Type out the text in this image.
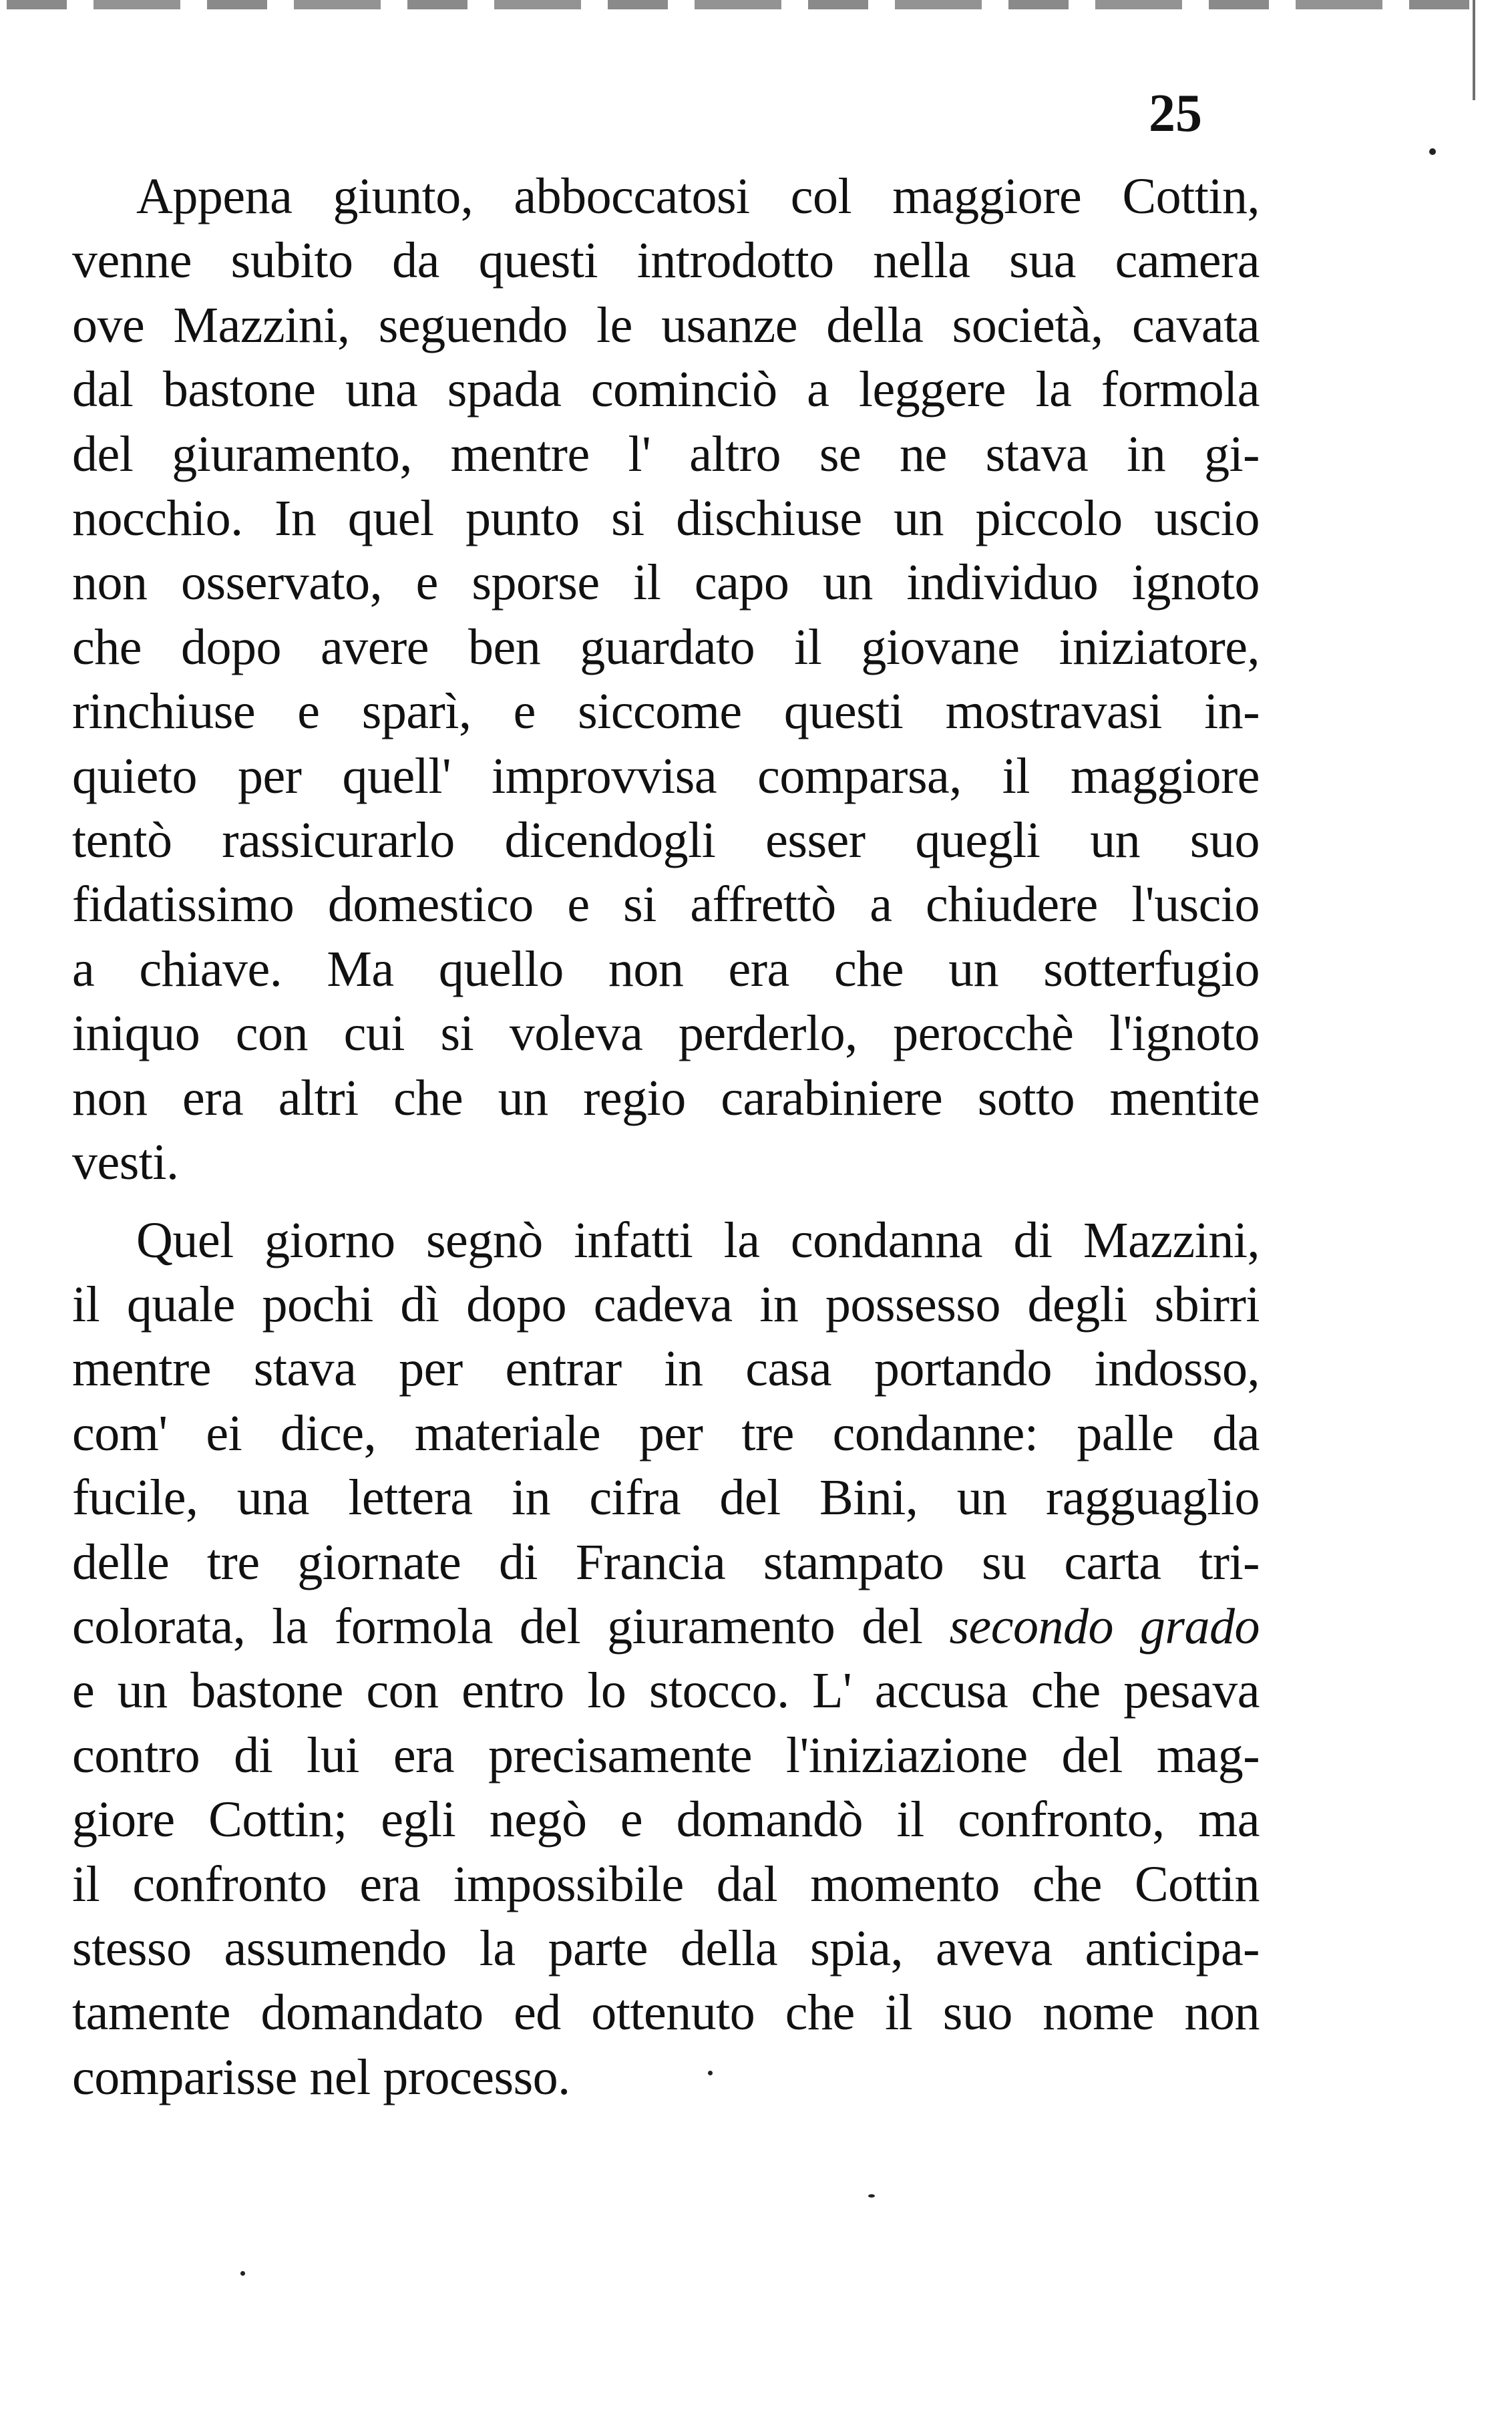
25

Appena giunto, abboccatosi col maggiore Cottin,
venne subito da questi introdotto nella sua camera
ove Mazzini, seguendo le usanze della società, cavata
dal bastone una spada cominciò a leggere la formola
del giuramento, mentre l' altro se ne stava in gi-
nocchio. In quel punto si dischiuse un piccolo uscio
non osservato, e sporse il capo un individuo ignoto
che dopo avere ben guardato il giovane iniziatore,
rinchiuse e sparì, e siccome questi mostravasi in-
quieto per quell' improvvisa comparsa, il maggiore
tentò rassicurarlo dicendogli esser quegli un suo
fidatissimo domestico e si affrettò a chiudere l'uscio
a chiave. Ma quello non era che un sotterfugio
iniquo con cui si voleva perderlo, perocchè l'ignoto
non era altri che un regio carabiniere sotto mentite
vesti.

Quel giorno segnò infatti la condanna di Mazzini,
il quale pochi dì dopo cadeva in possesso degli sbirri
mentre stava per entrar in casa portando indosso,
com' ei dice, materiale per tre condanne: palle da
fucile, una lettera in cifra del Bini, un ragguaglio
delle tre giornate di Francia stampato su carta tri-
colorata, la formola del giuramento del secondo grado
e un bastone con entro lo stocco. L' accusa che pesava
contro di lui era precisamente l'iniziazione del mag-
giore Cottin; egli negò e domandò il confronto, ma
il confronto era impossibile dal momento che Cottin
stesso assumendo la parte della spia, aveva anticipa-
tamente domandato ed ottenuto che il suo nome non
comparisse nel processo.
